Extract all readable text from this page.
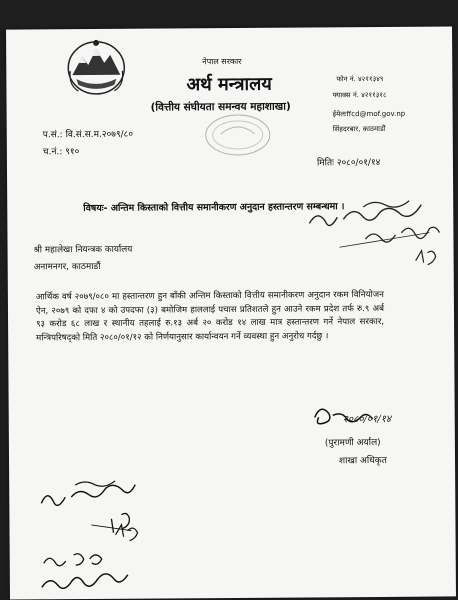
नेपाल सरकार
अर्थ मन्त्रालय
(वित्तीय संघीयता समन्वय महाशाखा)
फोन नं. ४२११३४९
फ्याक्स नं. ४२११३१८
ईमेलःffcd@mof.gov.np
सिंहदरबार, काठमाडौं
प.सं.: वि.सं.स.म.२०७९/८०
च.नं.: ९१०
मितिः २०८०/०१/१४
विषयः- अन्तिम किस्ताको वित्तीय समानीकरण अनुदान हस्तान्तरण सम्बन्धमा ।
श्री महालेखा नियन्त्रक कार्यालय
अनामनगर, काठमाडौं
आर्थिक वर्ष २०७९/०८० मा हस्तान्तरण हुन बाँकी अन्तिम किस्ताको वित्तीय समानीकरण अनुदान रकम विनियोजन ऐन, २०७९ को दफा ४ को उपदफा (३) बमोजिम हाललाई पचास प्रतिशतले हुन आउने रकम प्रदेश तर्फ रु.९ अर्ब ९३ करोड ६८ लाख र स्थानीय तहलाई रु.१३ अर्ब २० करोड १४ लाख मात्र हस्तान्तरण गर्ने नेपाल सरकार, मन्त्रिपरिषद्को मिति २०८०/०१/१२ को निर्णयानुसार कार्यान्वयन गर्ने व्यवस्था हुन अनुरोध गर्दछु ।
२०८०/०१/१४
(पुरामणी अर्याल)
शाखा अधिकृत
